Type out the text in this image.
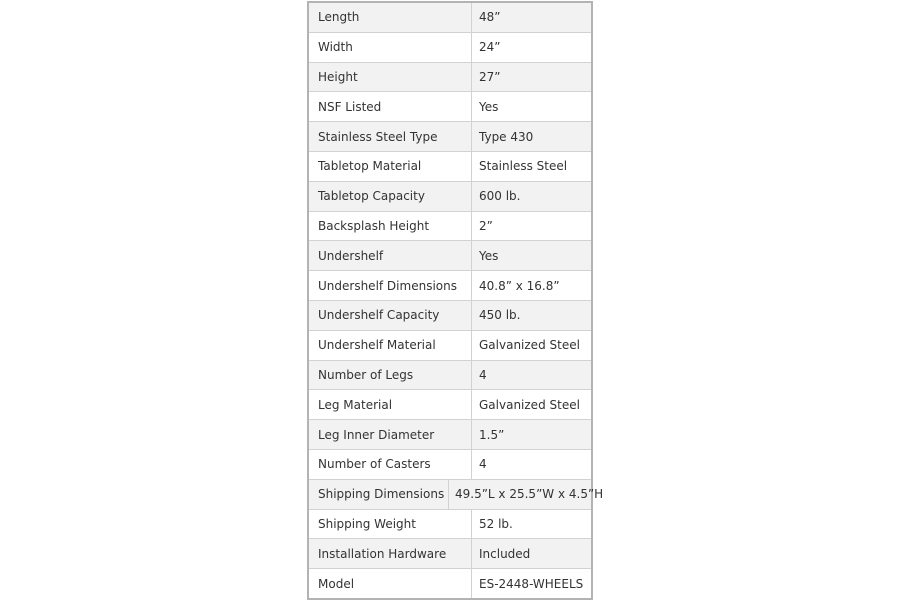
Length	48”
Width	24”
Height	27”
NSF Listed	Yes
Stainless Steel Type	Type 430
Tabletop Material	Stainless Steel
Tabletop Capacity	600 lb.
Backsplash Height	2”
Undershelf	Yes
Undershelf Dimensions	40.8” x 16.8”
Undershelf Capacity	450 lb.
Undershelf Material	Galvanized Steel
Number of Legs	4
Leg Material	Galvanized Steel
Leg Inner Diameter	1.5”
Number of Casters	4
Shipping Dimensions 49.5”L x 25.5”W x 4.5”H
Shipping Weight	52 lb.
Installation Hardware	Included
Model	ES-2448-WHEELS
